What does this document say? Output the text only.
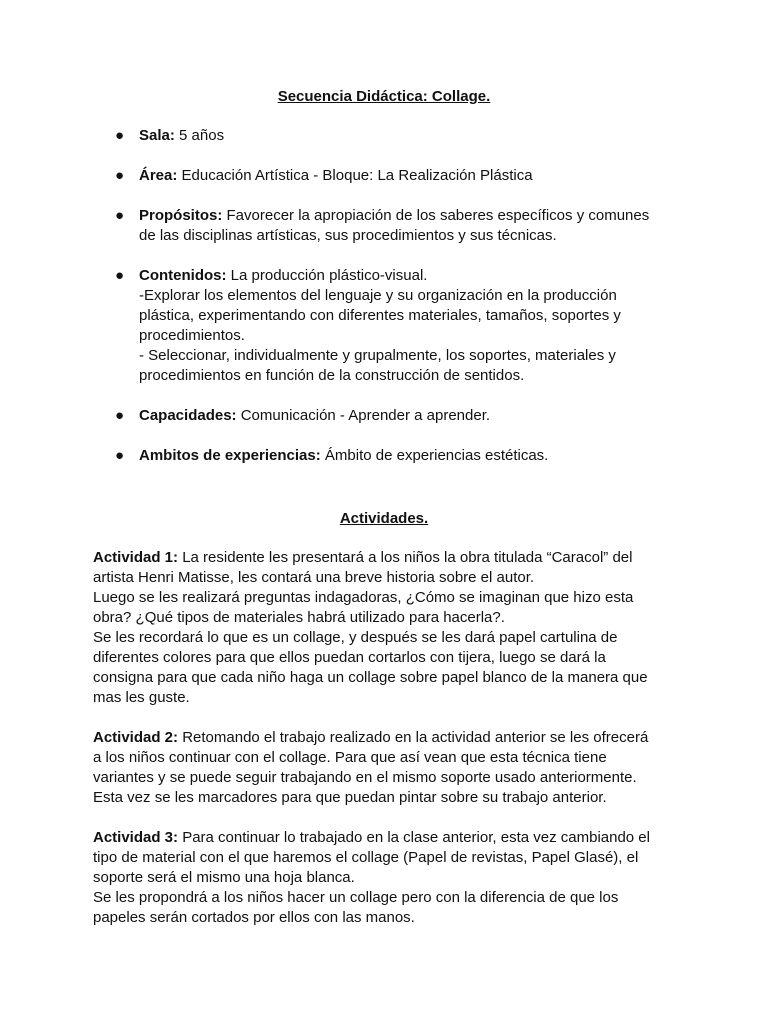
Secuencia Didáctica: Collage.
● Sala: 5 años
● Área: Educación Artística - Bloque: La Realización Plástica
● Propósitos: Favorecer la apropiación de los saberes específicos y comunes
de las disciplinas artísticas, sus procedimientos y sus técnicas.
● Contenidos: La producción plástico-visual.
-Explorar los elementos del lenguaje y su organización en la producción
plástica, experimentando con diferentes materiales, tamaños, soportes y
procedimientos.
- Seleccionar, individualmente y grupalmente, los soportes, materiales y
procedimientos en función de la construcción de sentidos.
● Capacidades: Comunicación - Aprender a aprender.
● Ambitos de experiencias: Ámbito de experiencias estéticas.
Actividades.
Actividad 1: La residente les presentará a los niños la obra titulada “Caracol” del
artista Henri Matisse, les contará una breve historia sobre el autor.
Luego se les realizará preguntas indagadoras, ¿Cómo se imaginan que hizo esta
obra? ¿Qué tipos de materiales habrá utilizado para hacerla?.
Se les recordará lo que es un collage, y después se les dará papel cartulina de
diferentes colores para que ellos puedan cortarlos con tijera, luego se dará la
consigna para que cada niño haga un collage sobre papel blanco de la manera que
mas les guste.
Actividad 2: Retomando el trabajo realizado en la actividad anterior se les ofrecerá
a los niños continuar con el collage. Para que así vean que esta técnica tiene
variantes y se puede seguir trabajando en el mismo soporte usado anteriormente.
Esta vez se les marcadores para que puedan pintar sobre su trabajo anterior.
Actividad 3: Para continuar lo trabajado en la clase anterior, esta vez cambiando el
tipo de material con el que haremos el collage (Papel de revistas, Papel Glasé), el
soporte será el mismo una hoja blanca.
Se les propondrá a los niños hacer un collage pero con la diferencia de que los
papeles serán cortados por ellos con las manos.
